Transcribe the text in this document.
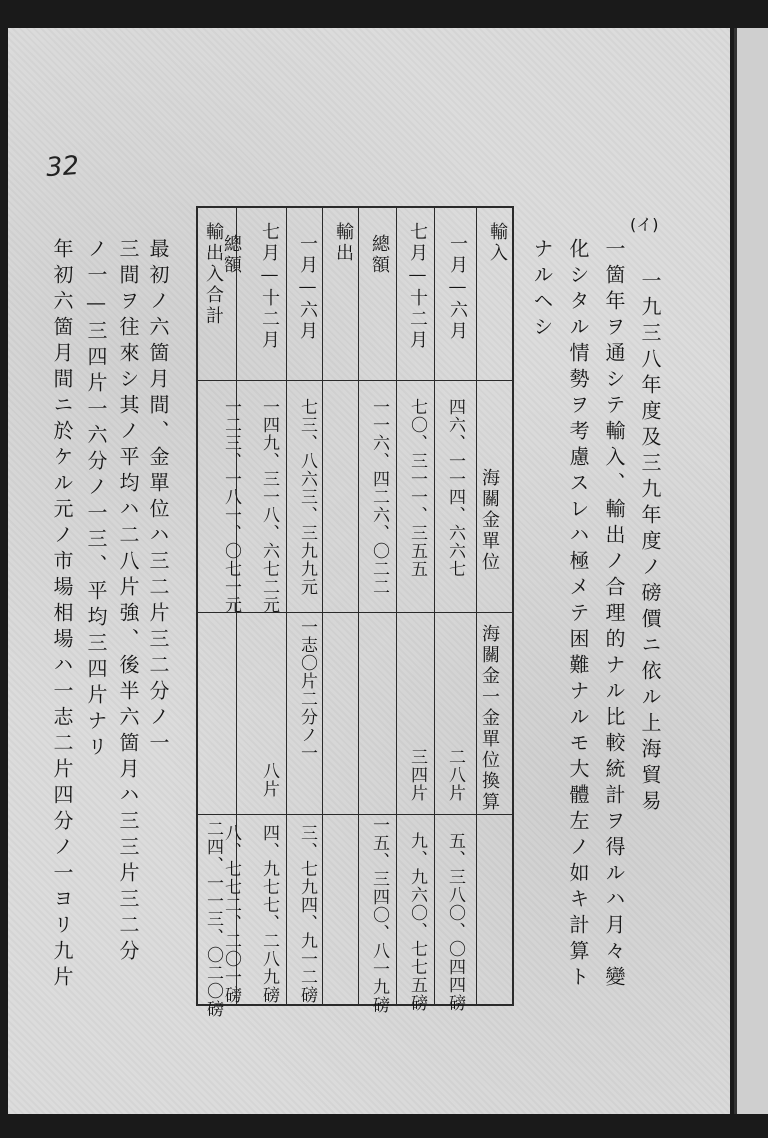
32
(イ)
一九三八年度及三九年度ノ磅價ニ依ル上海貿易
一箇年ヲ通シテ輸入、輸出ノ合理的ナル比較統計ヲ得ルハ月々變
化シタル情勢ヲ考慮スレハ極メテ困難ナルモ大體左ノ如キ計算ト
ナルヘシ
輸入
一月—六月
七月—十二月
總額
海關金單位
海關金一金單位換算
四六、一一四、六六七
二八片
五、三八〇、〇四四磅
七〇、三一一、三五五
三四片
九、九六〇、七七五磅
一一六、四二六、〇二二
一五、三四〇、八一九磅
輸出
一月—六月
七月—十二月
總額
七三、八六三、三九九元
一志〇片二分ノ一
三、七九四、九一二磅
一四九、三一八、六七二元
八片
四、九七七、二八九磅
一二三、一八一、〇七一元
八、七七二、二〇一磅
輸出入合計
二四、一一三、〇二〇磅
最初ノ六箇月間、金單位ハ三二片三二分ノ一
三間ヲ往來シ其ノ平均ハ二八片強、後半六箇月ハ三三片三二分
ノ一—三四片一六分ノ一三、平均三四片ナリ
年初六箇月間ニ於ケル元ノ市場相場ハ一志二片四分ノ一ヨリ九片
